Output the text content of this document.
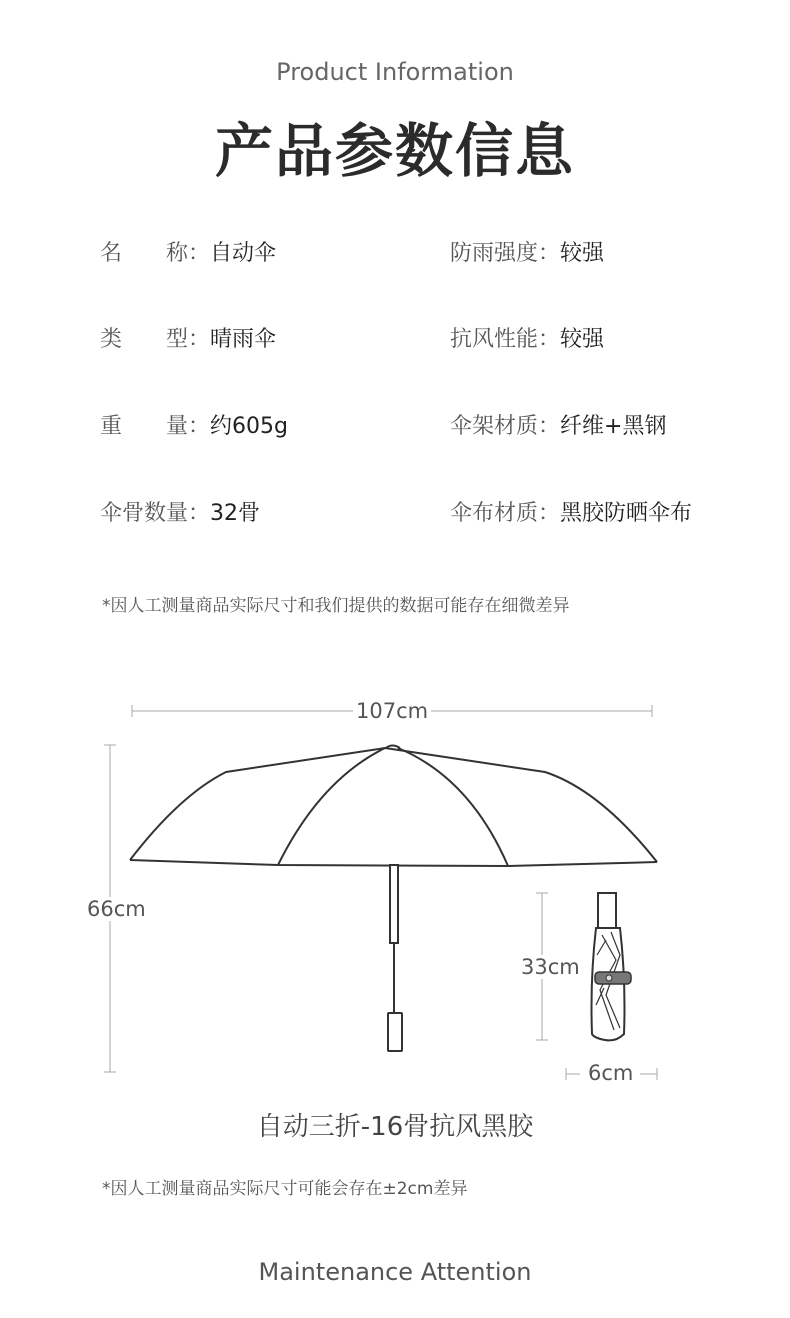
Product Information
产品参数信息
名　　称：自动伞
类　　型：晴雨伞
重　　量：约605g
伞骨数量：32骨
防雨强度：较强
抗风性能：较强
伞架材质：纤维+黑钢
伞布材质：黑胶防晒伞布
*因人工测量商品实际尺寸和我们提供的数据可能存在细微差异
107cm
66cm
33cm
6cm
自动三折-16骨抗风黑胶
*因人工测量商品实际尺寸可能会存在±2cm差异
Maintenance Attention
